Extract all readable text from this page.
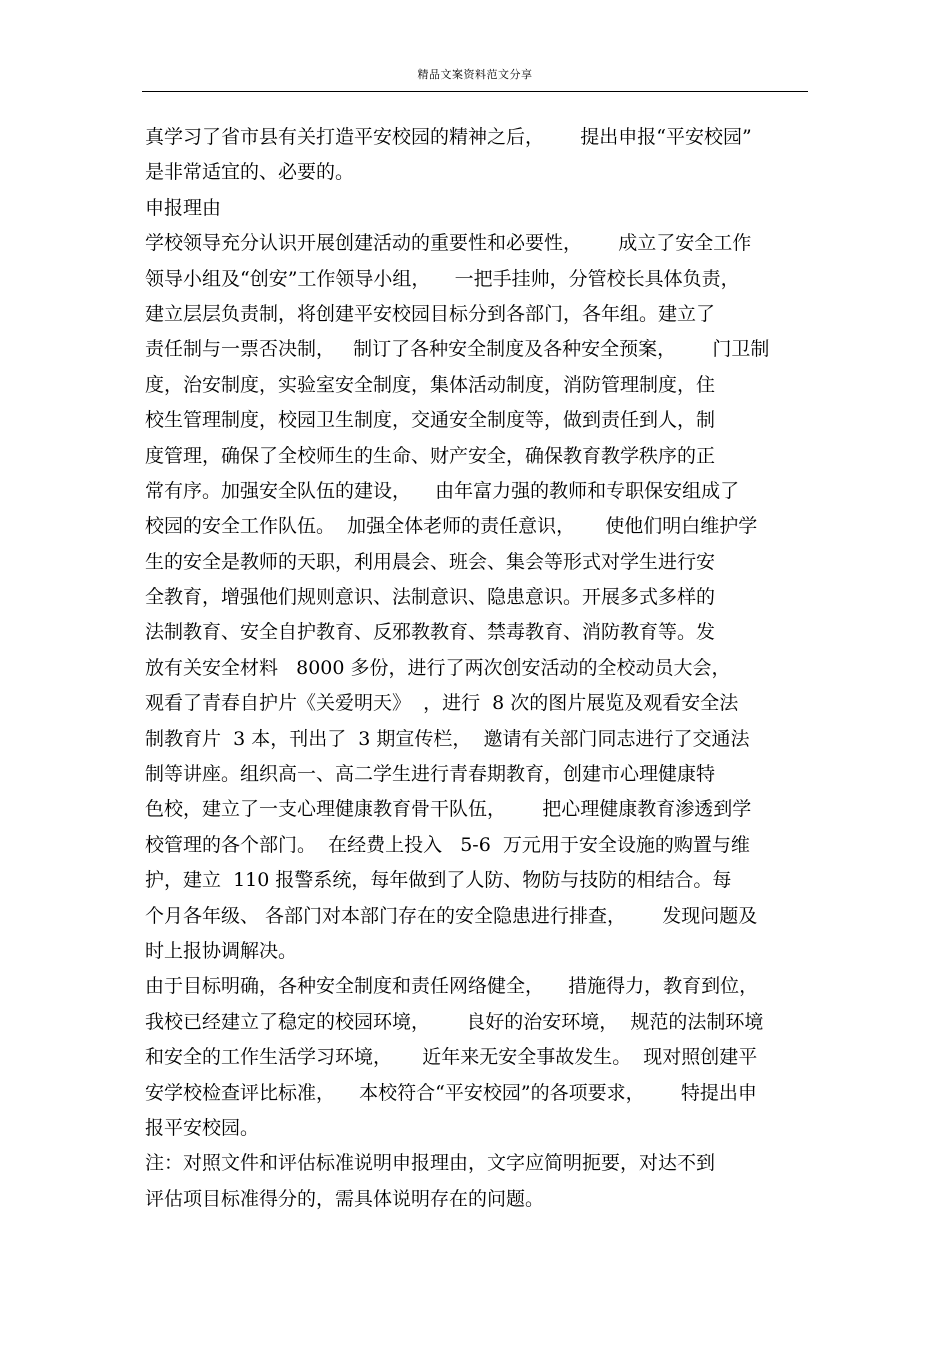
精品文案资料范文分享
真学习了省市县有关打造平安校园的精神之后，      提出申报“平安校园”
是非常适宜的、必要的。
申报理由
学校领导充分认识开展创建活动的重要性和必要性，      成立了安全工作
领导小组及“创安”工作领导小组，    一把手挂帅，分管校长具体负责，
建立层层负责制，将创建平安校园目标分到各部门，各年组。建立了
责任制与一票否决制，   制订了各种安全制度及各种安全预案，      门卫制
度，治安制度，实验室安全制度，集体活动制度，消防管理制度，住
校生管理制度，校园卫生制度，交通安全制度等，做到责任到人，制
度管理，确保了全校师生的生命、财产安全，确保教育教学秩序的正
常有序。加强安全队伍的建设，    由年富力强的教师和专职保安组成了
校园的安全工作队伍。  加强全体老师的责任意识，     使他们明白维护学
生的安全是教师的天职，利用晨会、班会、集会等形式对学生进行安
全教育，增强他们规则意识、法制意识、隐患意识。开展多式多样的
法制教育、安全自护教育、反邪教教育、禁毒教育、消防教育等。发
放有关安全材料   8000 多份，进行了两次创安活动的全校动员大会，
观看了青春自护片《关爱明天》  ，进行  8 次的图片展览及观看安全法
制教育片  3 本，刊出了  3 期宣传栏，  邀请有关部门同志进行了交通法
制等讲座。组织高一、高二学生进行青春期教育，创建市心理健康特
色校，建立了一支心理健康教育骨干队伍，      把心理健康教育渗透到学
校管理的各个部门。  在经费上投入   5-6  万元用于安全设施的购置与维
护，建立  110 报警系统，每年做到了人防、物防与技防的相结合。每
个月各年级、 各部门对本部门存在的安全隐患进行排查，      发现问题及
时上报协调解决。
由于目标明确，各种安全制度和责任网络健全，    措施得力，教育到位，
我校已经建立了稳定的校园环境，      良好的治安环境，  规范的法制环境
和安全的工作生活学习环境，     近年来无安全事故发生。  现对照创建平
安学校检查评比标准，    本校符合“平安校园”的各项要求，      特提出申
报平安校园。
注：对照文件和评估标准说明申报理由，文字应简明扼要，对达不到
评估项目标准得分的，需具体说明存在的问题。
